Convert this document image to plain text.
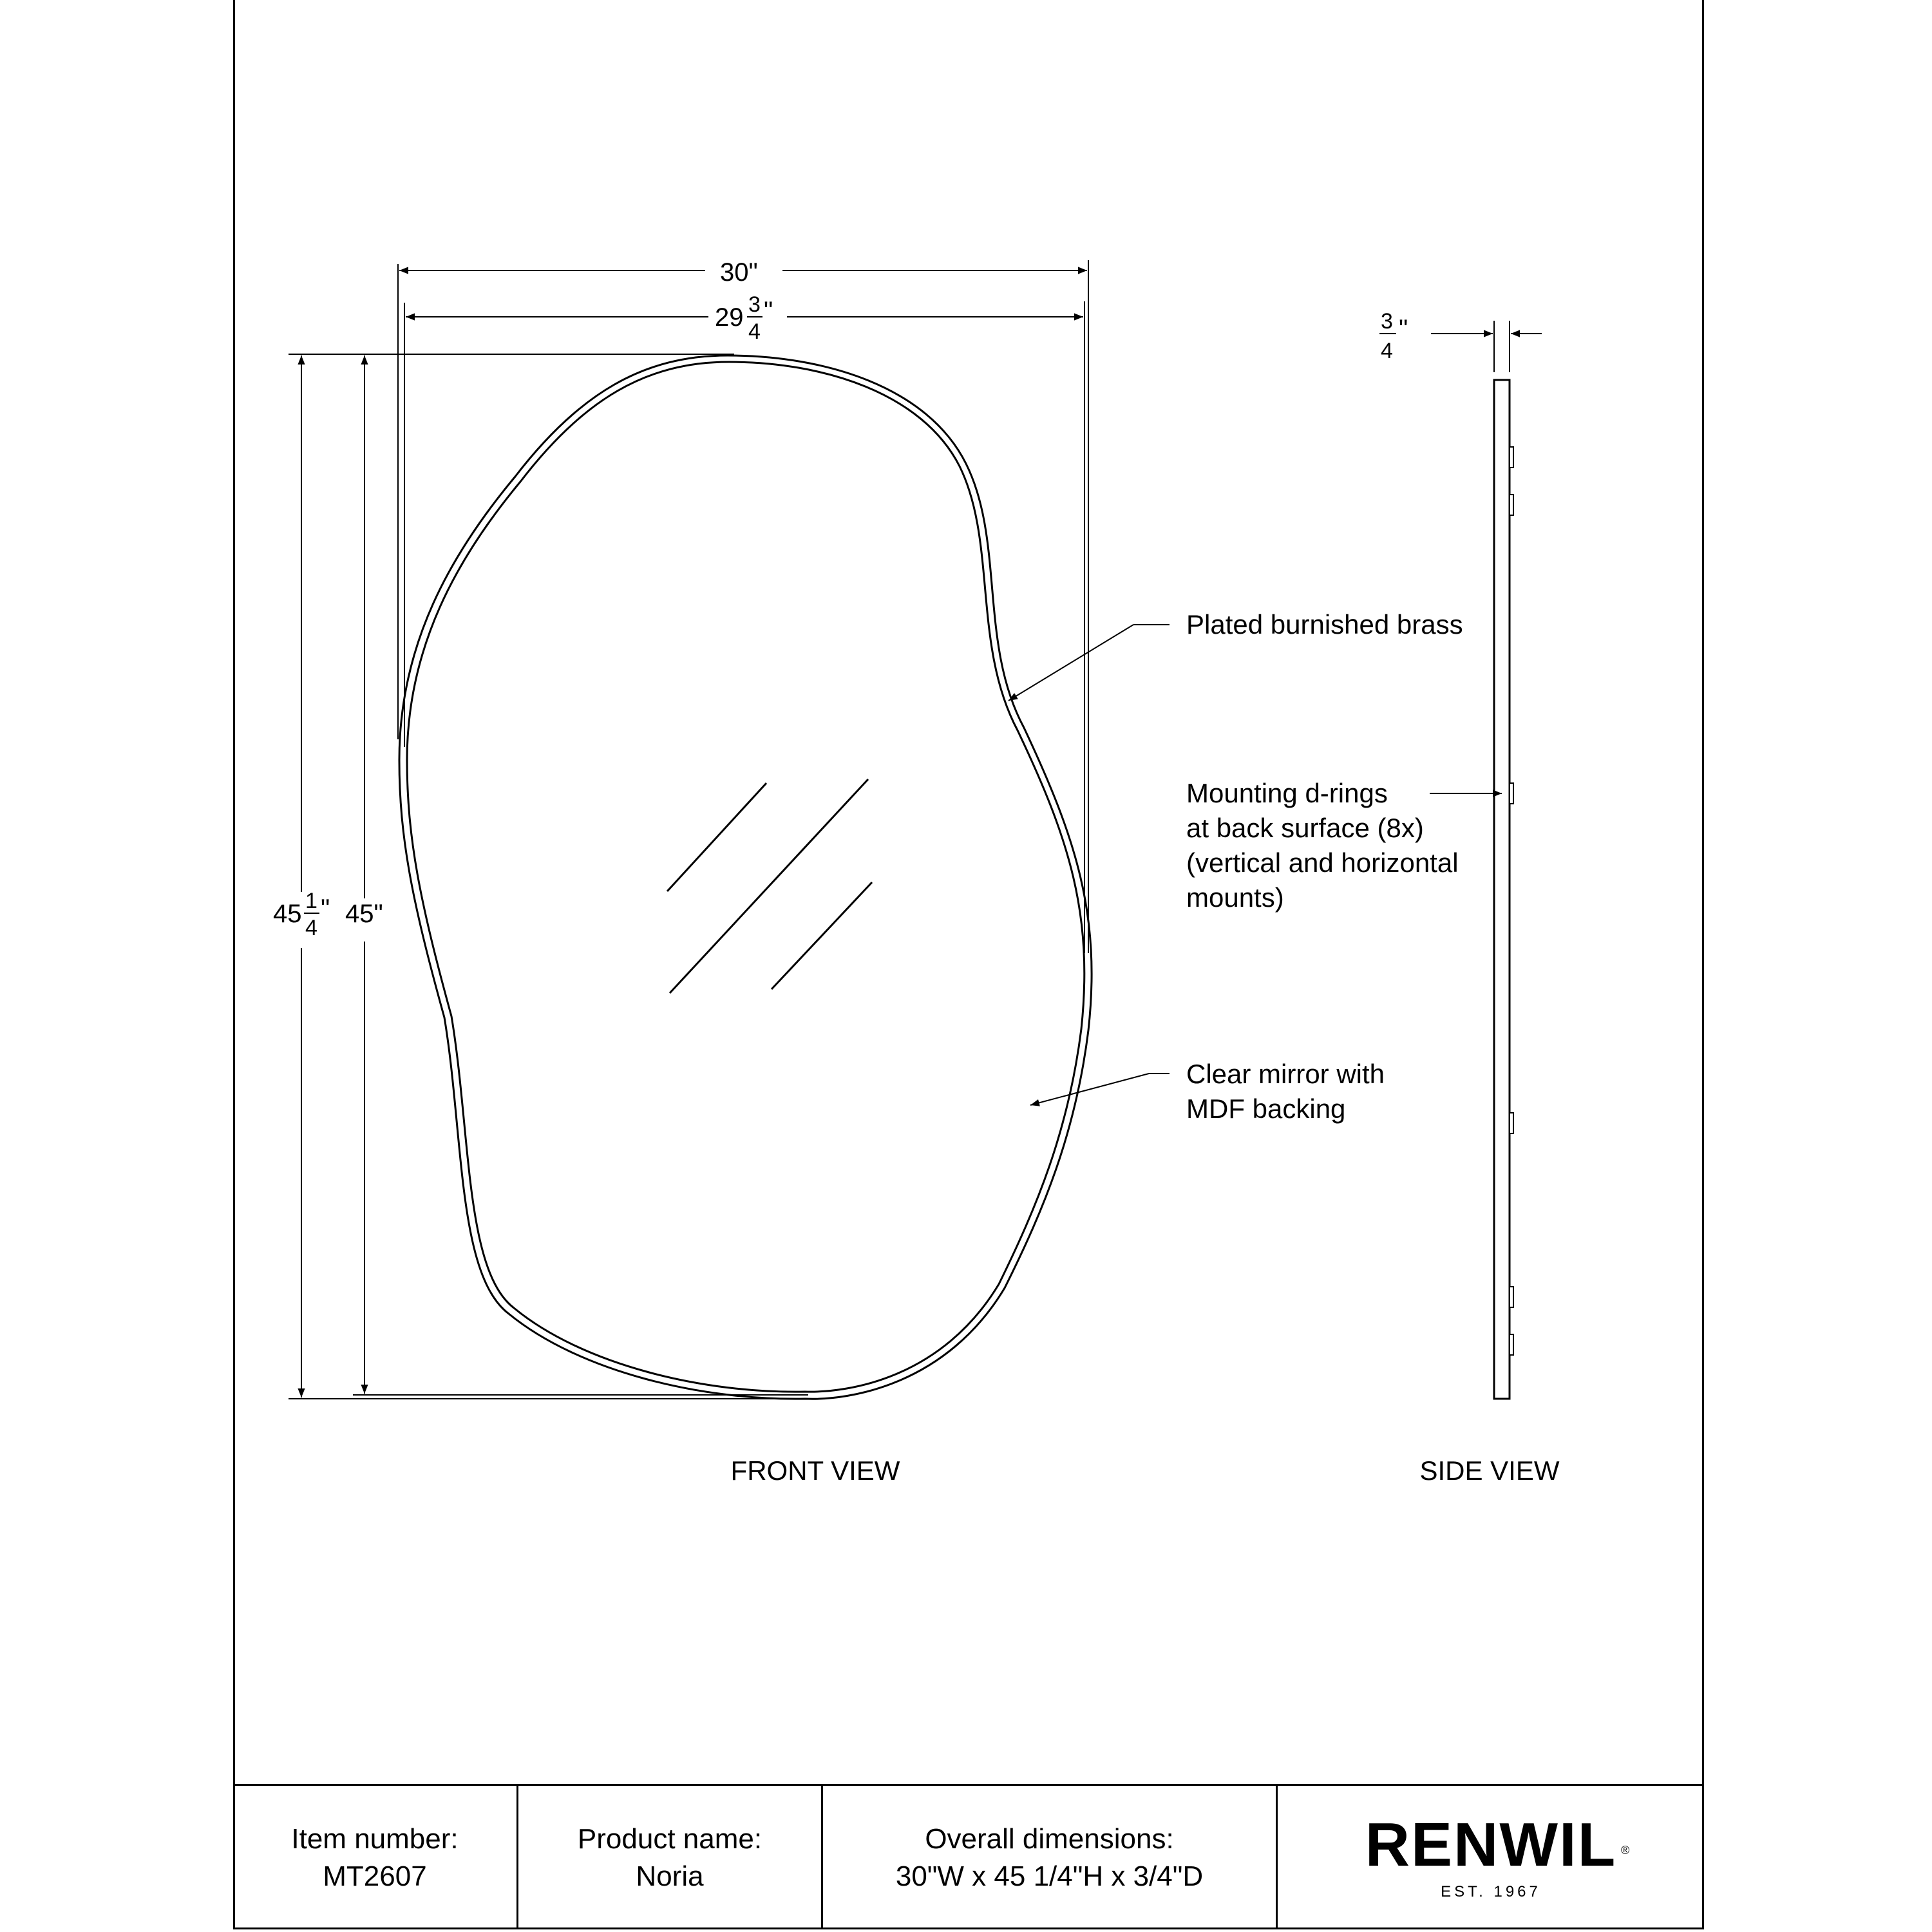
30"
29 3
4
"
45 1
4
" 45"
Plated burnished brass
Clear mirror with
MDF backing
Mounting d-rings
at back surface (8x)
(vertical and horizontal
mounts)
3
4
"
FRONT VIEW	SIDE VIEW
Item number:
MT2607
Product name:
Noria
Overall dimensions:
30"W x 45 1/4"H x 3/4"D	RENWIL ®
EST. 1967
